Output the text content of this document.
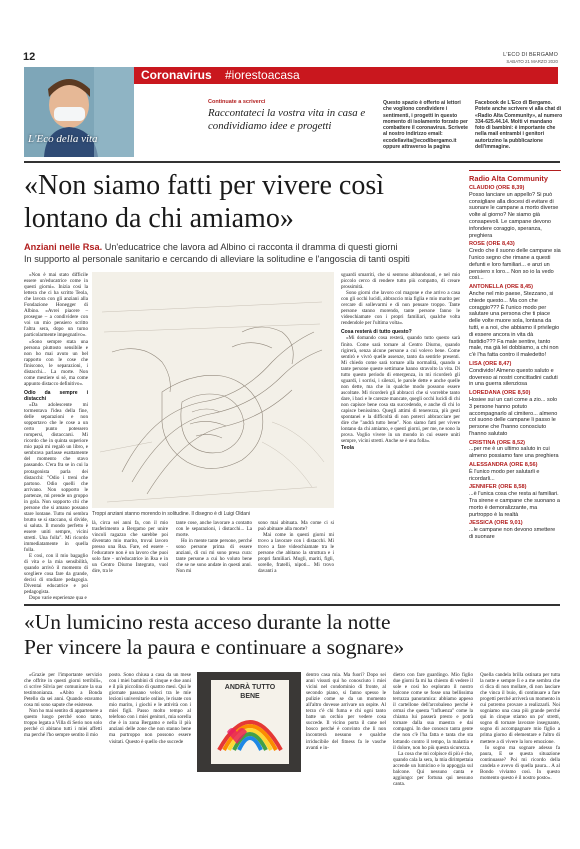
12	L'ECO DI BERGAMO
SABATO 21 MARZO 2020
L'Eco della vita
Coronavirus #iorestoacasa
Continuate a scriverci
Raccontateci la vostra vita in casa e condividiamo idee e progetti
Questo spazio è offerto ai lettori che vogliono condividere i sentimenti, i progetti in questo momento di isolamento forzato per combattere il coronavirus. Scrivete al nostro indirizzo email: ecodellavita@ecodibergamo.it oppure attraverso la pagina
Facebook de L'Eco di Bergamo. Potete anche scrivere vi alla chat di «Radio Alta Community», al numero 334-625.44.14. Molti vi mandano foto di bambini: è importante che nella mail entrambi i genitori autorizzino la pubblicazione dell'immagine.
«Non siamo fatti per vivere così lontano da chi amiamo»
Anziani nelle Rsa. Un'educatrice che lavora ad Albino ci racconta il dramma di questi giorni
In supporto al personale sanitario e cercando di alleviare la solitudine e l'angoscia di tanti ospiti

«Non è mai stato difficile essere un'educatrice come in questi giorni». Inizia così la lettera che ci ha scritto Teola, che lavora con gli anziani alla Fondazione Honegger di Albino. «Avrei piacere – prosegue – a condividere con voi un mio pensiero scritto l'altra sera, dopo un turno particolarmente impegnativo».

«Sono sempre stata una persona piuttosto sensibile e non ho mai avuto un bel rapporto con le cose che finiscono, le separazioni, i distacchi... La morte. Non come mestiere si sé, ma come appunto distacco definitivo».

Odio da sempre i distacchi

«Da adolescente mi tormentava l'idea della fine, delle separazioni e non sopportavo che le cose a un certo punto potessero rompersi, distaccarsi. Mi ricordo che in quinta superiore mio papà mi regalò un libro, e sembrava parlasse esattamente del momento che stavo passando. C'era fra se in cui la protagonista parla dei distacchi: "Odio i treni che partono. Odio quelli che arrivano. Non sopporto le partenze, mi prende un groppo in gola. Non sopporto chi che persone che si amano possano stare lontane. Tutto mi sembra brutto se si staccano, si divide, si saluta. Il mondo perfetto è essere uniti sempre, vicini stretti. Una folla". Mi ricordo immediatamente in quella folla.

E così, con il mio bagaglio di vita e la mia sensibilità, quando arrivò il momento di scegliere cosa fare da grande, decisi di studiare pedagogia. Diventai educatrice e poi pedagogista.

Dopo varie esperienze qua e

Troppi anziani stanno morendo in solitudine. Il disegno è di Luigi Oldani

là, circa sei anni fa, con il mio trasferimento a Bergamo per unire vincoli ragazzo che sarebbe poi diventato mio marito, trovai lavoro presso una Rsa. Fare, ed essere - l'educatore non è un lavoro che puoi solo fare - un'educatrice in Rsa e in un Centro Diurno Integrato, vuol dire, tra le

tante cose, anche lavorare a contatto con le separazioni, i distacchi... La morte.

Ho in mente tante persone, perché sono persone prima di essere anziani, di cui mi sono presa cura: tante persone a cui ho voluto bene che se ne sono andate in questi anni. Non mi

sono mai abituata. Ma come ci si può abituare alla morte?

Mai come in questi giorni mi trovo a lavorare con i distacchi. Mi trovo a fare videochiamate tra le persone che abitano la struttura e i propri familiari. Mogli, mariti, figli, sorelle, fratelli, nipoti... Mi trovo davanti a

sguardi smarriti, che si sentono abbandonati, e nel mio piccolo cerco di rendere tutto più compatto, di creare prossimità.

Sono giorni che lavoro col magone e che arrivo a casa con gli occhi lucidi, abbraccio mia figlia e mio marito per cercare di sollevarmi e di non pensare troppo. Tante persone stanno morendo, tante persone fanno le videochiamate con i propri familiari, qualche volta rendendole per l'ultima volta».

Cosa resterà di tutto questo?

«Mi domando cosa resterà, quando tutto questo sarà finito. Come sarà tornare al Centro Diurno, quando rigirerà, senza alcune persone a cui volevo bene. Come sentirò e vivrò quelle assenze, tanto da sentirle presenti. Mi chiedo come sarà tornare alla normalità, quando a tante persone queste settimane hanno stravolto la vita. Di tutto questo periodo di emergenza, in mi ricorderò gli sguardi, i sorrisi, i silenzi, le parole dette e anche quelle non dette, ma che in qualche modo possono essere ascoltate. Mi ricorderò gli abbracci che si vorrebbe tanto dare, i baci e le carezze mancate, quegli occhi lucidi di chi non capisce bene cosa sta succedendo, e anche di chi lo capisce benissimo. Quegli attimi di tenerezza, più gesti spontanei e la difficoltà di non poterci abbracciare per dire che "andrà tutto bene". Non siamo fatti per vivere lontano da chi amiamo, e questi giorni, per me, ne sono la prova. Voglio vivere in un mondo in cui essere uniti sempre, vicini stretti. Anche se è una folla».

Teola
Radio Alta Community

CLAUDIO (ORE 8,39)
Posso lanciare un appello? Si può consigliare alla diocesi di evitare di suonare le campane a morto diverse volte al giorno? Ne siamo già consapevoli. Le campane devono infondere coraggio, speranza, preghiera

ROSE (ORE 8,43)
Credo che il suono delle campane sia l'unico segno che rimane a questi defunti e loro familiari... e anzi un pensiero x loro... Non so io la vedo così...

ANTONELLA (ORE 8,45)
Anche nel mio paese, Stezzano, si chiede questo... Ma con che coraggio??? È l'unico modo per salutare una persona che ti piace delle volte muore sola, lontana da tutti, e a noi, che abbiamo il privilegio di essere ancora in vita dà fastidio??? Fa male sentire, tanto male, ma già lei dobbiamo, a chi non c'è l'ha fatta contro il maledetto!

LISA (ORE 8,47)
Condivido! Almeno questo saluto e dovereso ai nostri concittadini caduti in una guerra silenziosa

LOREDANA (ORE 8,50)
Hosiee sui un cari come a zio... solo 3 persone hanno potuto accompagnarlo al cimitero... almeno col suono delle campane li passo le persone che l'hanno conosciuto l'hanno salutato

CRISTINA (ORE 8,52)
...per me è un ultimo saluto in cui almeno possiamo fare una preghiera

ALESSANDRA (ORE 8,56)
È l'unico modo per salutarli e ricordarli...

JENNIFER (ORE 8,58)
...è l'unica cosa che resta ai familiari. Tra sirene e campane che suonano a morto è demoralizzante, ma purtroppo è la realtà

JESSICA (ORE 9,01)
...le campane non devono smettere di suonare

«Un lumicino resta acceso durante la notte
Per vincere la paura e continuare a sognare»

«Grazie per l'importante servizio che offrite in questi giorni terribili», ci scrive Silvia per comunicare la sua testimonianza. «Abito a Bonda Petello da sei anni. Quando eravamo cosa mi sono sapute che esistesse.

Non ho mai sentito di appartenere a questo luogo perché sono tanto, troppo legata a Villa di Serio non solo perché ci abitano tutti i miei affetti ma perché l'ho sempre sentito il mio

posto. Sono chiusa a casa da un mese con i miei bambini di cinque e due anni e il più piccolino di quattro mesi. Qui le giornate passano veloci tra le mie lezioni universitarie online, le risate con mio marito, i giochi e le attività con i miei figli. Passo molto tempo al telefono con i miei genitori, mia sorella che è in zona Bergamo e nella il più anziani delle zone che non stanno bene ma purtroppo non possono essere visitati. Questo è quello che succede

ANDRÀ TUTTO
BENE

dentro casa mia. Ma fuori? Dopo sei anni vissuti qui ho conosciuto i miei vicini nel condominio di fronte, al secondo piano, si fanno spesso le pulizie come se da un momento all'altro dovesse arrivare un ospite. Al terzo c'è chi fuma e chi ogni tanto batte un orchio per vedere cosa succede. Il vicino porta il cane nel bosco perché è convinto che lì non incontrerà nessuno e qualche irriducibile del fitness fa le vasche avanti e in-

dietro con fare guardingo. Mio figlio due giorni fa mi ha chiesto di vedere il sole e così ho esplorato il nostro balcone come se fosse una bellissima terrazza panoramica: abbiamo appeso il cartellone dell'arcobaleno perché è ormai che questa "influenza" come la chiama lui passerà presto e potrà tornare dalla sua maestra e dai compagni. In due conosco tanta gente che non c'è l'ha fatta e tanta che sta lottando contro il tempo, la malattia e il dolore, non ho più questa sicurezza.

La cosa che mi colpisce di più è che, quando cala la sera, la mia dirimpettaia accende un lumicino e lo appoggia sul balcone. Qui nessuno canta e aggiungo: per fortuna qui nessuno canta.

Quella candela brilla ostinata per tutta la notte e sempre lì e a me sembra che ci dica di non mollare, di non lasciare che vinca il buio, di continuare a fare progetti perché arriverà un momento in cui potremo provare a realizzarli. Noi sogniamo una casa più grande perché qui in cinque stiamo un po' stretti, sogno di tornare lavorare insegnante, sogno di accompagnare mio figlio a prima giorno di elementare e l'altro di mettere a di vivere la loro emozione.

Io sogno ma sognare adesso fa paura, E se questa situazione continuasse? Poi mi ricordo della candela e avevo di quella paura... A al Bondo viviamo così. In questo momento questo è il nostro posto».
